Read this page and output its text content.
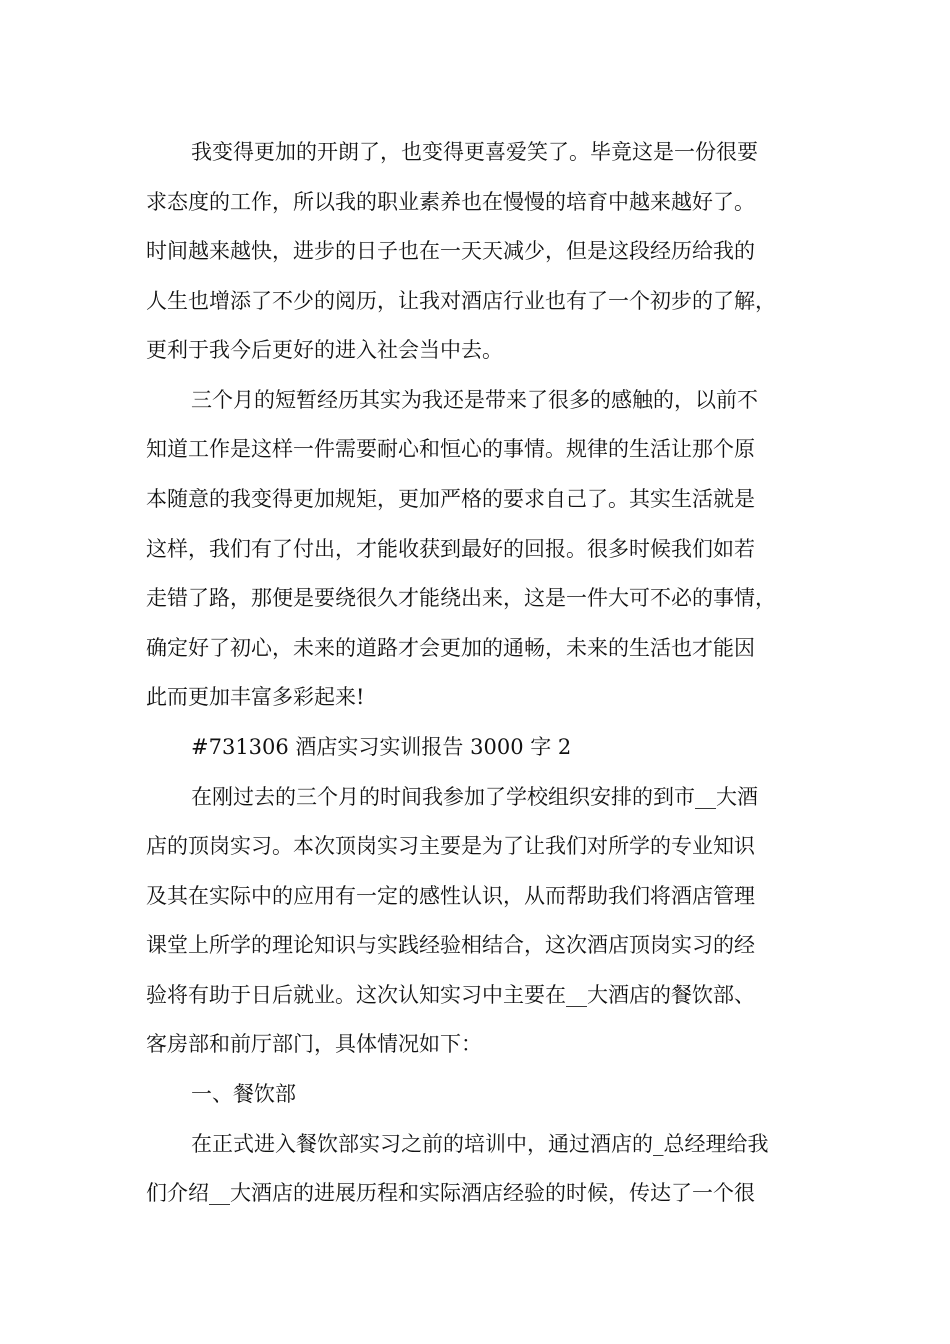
我变得更加的开朗了，也变得更喜爱笑了。毕竟这是一份很要
求态度的工作，所以我的职业素养也在慢慢的培育中越来越好了。
时间越来越快，进步的日子也在一天天减少，但是这段经历给我的
人生也增添了不少的阅历，让我对酒店行业也有了一个初步的了解，
更利于我今后更好的进入社会当中去。
三个月的短暂经历其实为我还是带来了很多的感触的，以前不
知道工作是这样一件需要耐心和恒心的事情。规律的生活让那个原
本随意的我变得更加规矩，更加严格的要求自己了。其实生活就是
这样，我们有了付出，才能收获到最好的回报。很多时候我们如若
走错了路，那便是要绕很久才能绕出来，这是一件大可不必的事情，
确定好了初心，未来的道路才会更加的通畅，未来的生活也才能因
此而更加丰富多彩起来!
#731306 酒店实习实训报告 3000 字 2
在刚过去的三个月的时间我参加了学校组织安排的到市__大酒
店的顶岗实习。本次顶岗实习主要是为了让我们对所学的专业知识
及其在实际中的应用有一定的感性认识，从而帮助我们将酒店管理
课堂上所学的理论知识与实践经验相结合，这次酒店顶岗实习的经
验将有助于日后就业。这次认知实习中主要在__大酒店的餐饮部、
客房部和前厅部门，具体情况如下：
一、餐饮部
在正式进入餐饮部实习之前的培训中，通过酒店的_总经理给我
们介绍__大酒店的进展历程和实际酒店经验的时候，传达了一个很
